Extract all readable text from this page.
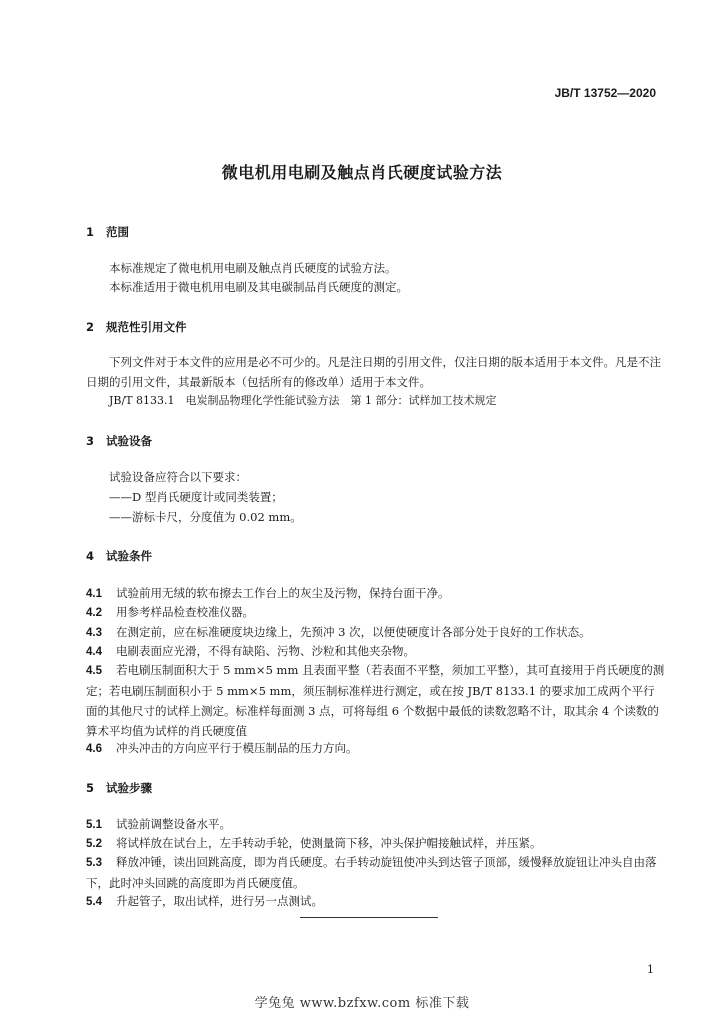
JB/T 13752—2020
微电机用电刷及触点肖氏硬度试验方法
1 范围
本标准规定了微电机用电刷及触点肖氏硬度的试验方法。
本标准适用于微电机用电刷及其电碳制品肖氏硬度的测定。
2 规范性引用文件
下列文件对于本文件的应用是必不可少的。凡是注日期的引用文件，仅注日期的版本适用于本文件。凡是不注日期的引用文件，其最新版本（包括所有的修改单）适用于本文件。
JB/T 8133.1　电炭制品物理化学性能试验方法　第 1 部分：试样加工技术规定
3 试验设备
试验设备应符合以下要求：
——D 型肖氏硬度计或同类装置；
——游标卡尺，分度值为 0.02 mm。
4 试验条件
4.1 试验前用无绒的软布擦去工作台上的灰尘及污物，保持台面干净。
4.2 用参考样品检查校准仪器。
4.3 在测定前，应在标准硬度块边缘上，先预冲 3 次，以便使硬度计各部分处于良好的工作状态。
4.4 电刷表面应光滑，不得有缺陷、污物、沙粒和其他夹杂物。
4.5 若电刷压制面积大于 5 mm×5 mm 且表面平整（若表面不平整，须加工平整），其可直接用于肖氏硬度的测定；若电刷压制面积小于 5 mm×5 mm，须压制标准样进行测定，或在按 JB/T 8133.1 的要求加工成两个平行面的其他尺寸的试样上测定。标准样每面测 3 点，可将每组 6 个数据中最低的读数忽略不计，取其余 4 个读数的算术平均值为试样的肖氏硬度值
4.6 冲头冲击的方向应平行于模压制品的压力方向。
5 试验步骤
5.1 试验前调整设备水平。
5.2 将试样放在试台上，左手转动手轮，使测量筒下移，冲头保护帽接触试样，并压紧。
5.3 释放冲锤，读出回跳高度，即为肖氏硬度。右手转动旋钮使冲头到达管子顶部，缓慢释放旋钮让冲头自由落下，此时冲头回跳的高度即为肖氏硬度值。
5.4 升起管子，取出试样，进行另一点测试。
1
学兔兔 www.bzfxw.com 标准下载
